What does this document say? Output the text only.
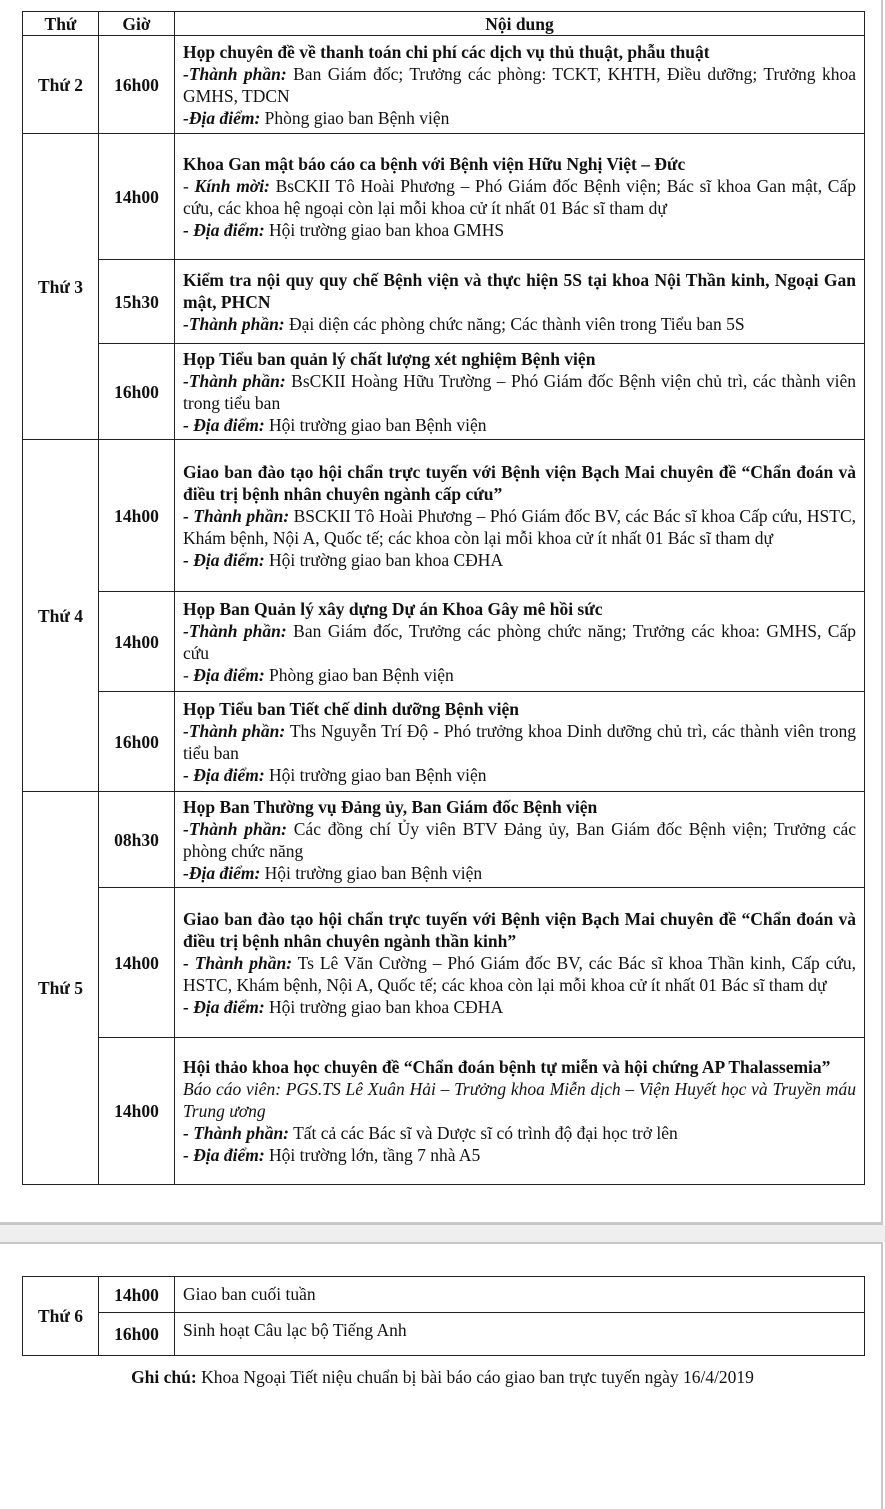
Thứ	Giờ	Nội dung
Thứ 2	16h00	Họp chuyên đề về thanh toán chi phí các dịch vụ thủ thuật, phẫu thuật

-Thành phần: Ban Giám đốc; Trưởng các phòng: TCKT, KHTH, Điều dưỡng; Trưởng khoa GMHS, TDCN

-Địa điểm: Phòng giao ban Bệnh viện

Thứ 3	14h00	Khoa Gan mật báo cáo ca bệnh với Bệnh viện Hữu Nghị Việt – Đức

- Kính mời: BsCKII Tô Hoài Phương – Phó Giám đốc Bệnh viện; Bác sĩ khoa Gan mật, Cấp cứu, các khoa hệ ngoại còn lại mỗi khoa cử ít nhất 01 Bác sĩ tham dự

- Địa điểm: Hội trường giao ban khoa GMHS

	15h30	Kiểm tra nội quy quy chế Bệnh viện và thực hiện 5S tại khoa Nội Thần kinh, Ngoại Gan mật, PHCN

-Thành phần: Đại diện các phòng chức năng; Các thành viên trong Tiểu ban 5S

	16h00	Họp Tiểu ban quản lý chất lượng xét nghiệm Bệnh viện

-Thành phần: BsCKII Hoàng Hữu Trường – Phó Giám đốc Bệnh viện chủ trì, các thành viên trong tiểu ban

- Địa điểm: Hội trường giao ban Bệnh viện

Thứ 4	14h00	Giao ban đào tạo hội chẩn trực tuyến với Bệnh viện Bạch Mai chuyên đề “Chẩn đoán và điều trị bệnh nhân chuyên ngành cấp cứu”

- Thành phần: BSCKII Tô Hoài Phương – Phó Giám đốc BV, các Bác sĩ khoa Cấp cứu, HSTC, Khám bệnh, Nội A, Quốc tế; các khoa còn lại mỗi khoa cử ít nhất 01 Bác sĩ tham dự

- Địa điểm: Hội trường giao ban khoa CĐHA

	14h00	Họp Ban Quản lý xây dựng Dự án Khoa Gây mê hồi sức

-Thành phần: Ban Giám đốc, Trưởng các phòng chức năng; Trưởng các khoa: GMHS, Cấp cứu

- Địa điểm: Phòng giao ban Bệnh viện

	16h00	Họp Tiểu ban Tiết chế dinh dưỡng Bệnh viện

-Thành phần: Ths Nguyễn Trí Độ - Phó trưởng khoa Dinh dưỡng chủ trì, các thành viên trong tiểu ban

- Địa điểm: Hội trường giao ban Bệnh viện

Thứ 5	08h30	Họp Ban Thường vụ Đảng ủy, Ban Giám đốc Bệnh viện

-Thành phần: Các đồng chí Ủy viên BTV Đảng ủy, Ban Giám đốc Bệnh viện; Trưởng các phòng chức năng

-Địa điểm: Hội trường giao ban Bệnh viện

	14h00	Giao ban đào tạo hội chẩn trực tuyến với Bệnh viện Bạch Mai chuyên đề “Chẩn đoán và điều trị bệnh nhân chuyên ngành thần kinh”

- Thành phần: Ts Lê Văn Cường – Phó Giám đốc BV, các Bác sĩ khoa Thần kinh, Cấp cứu, HSTC, Khám bệnh, Nội A, Quốc tế; các khoa còn lại mỗi khoa cử ít nhất 01 Bác sĩ tham dự

- Địa điểm: Hội trường giao ban khoa CĐHA

	14h00	Hội thảo khoa học chuyên đề “Chẩn đoán bệnh tự miễn và hội chứng AP Thalassemia”

Báo cáo viên: PGS.TS Lê Xuân Hải – Trưởng khoa Miễn dịch – Viện Huyết học và Truyền máu Trung ương

- Thành phần: Tất cả các Bác sĩ và Dược sĩ có trình độ đại học trở lên

- Địa điểm: Hội trường lớn, tầng 7 nhà A5

Thứ 6	14h00	Giao ban cuối tuần
	16h00	Sinh hoạt Câu lạc bộ Tiếng Anh
Ghi chú: Khoa Ngoại Tiết niệu chuẩn bị bài báo cáo giao ban trực tuyến ngày 16/4/2019
